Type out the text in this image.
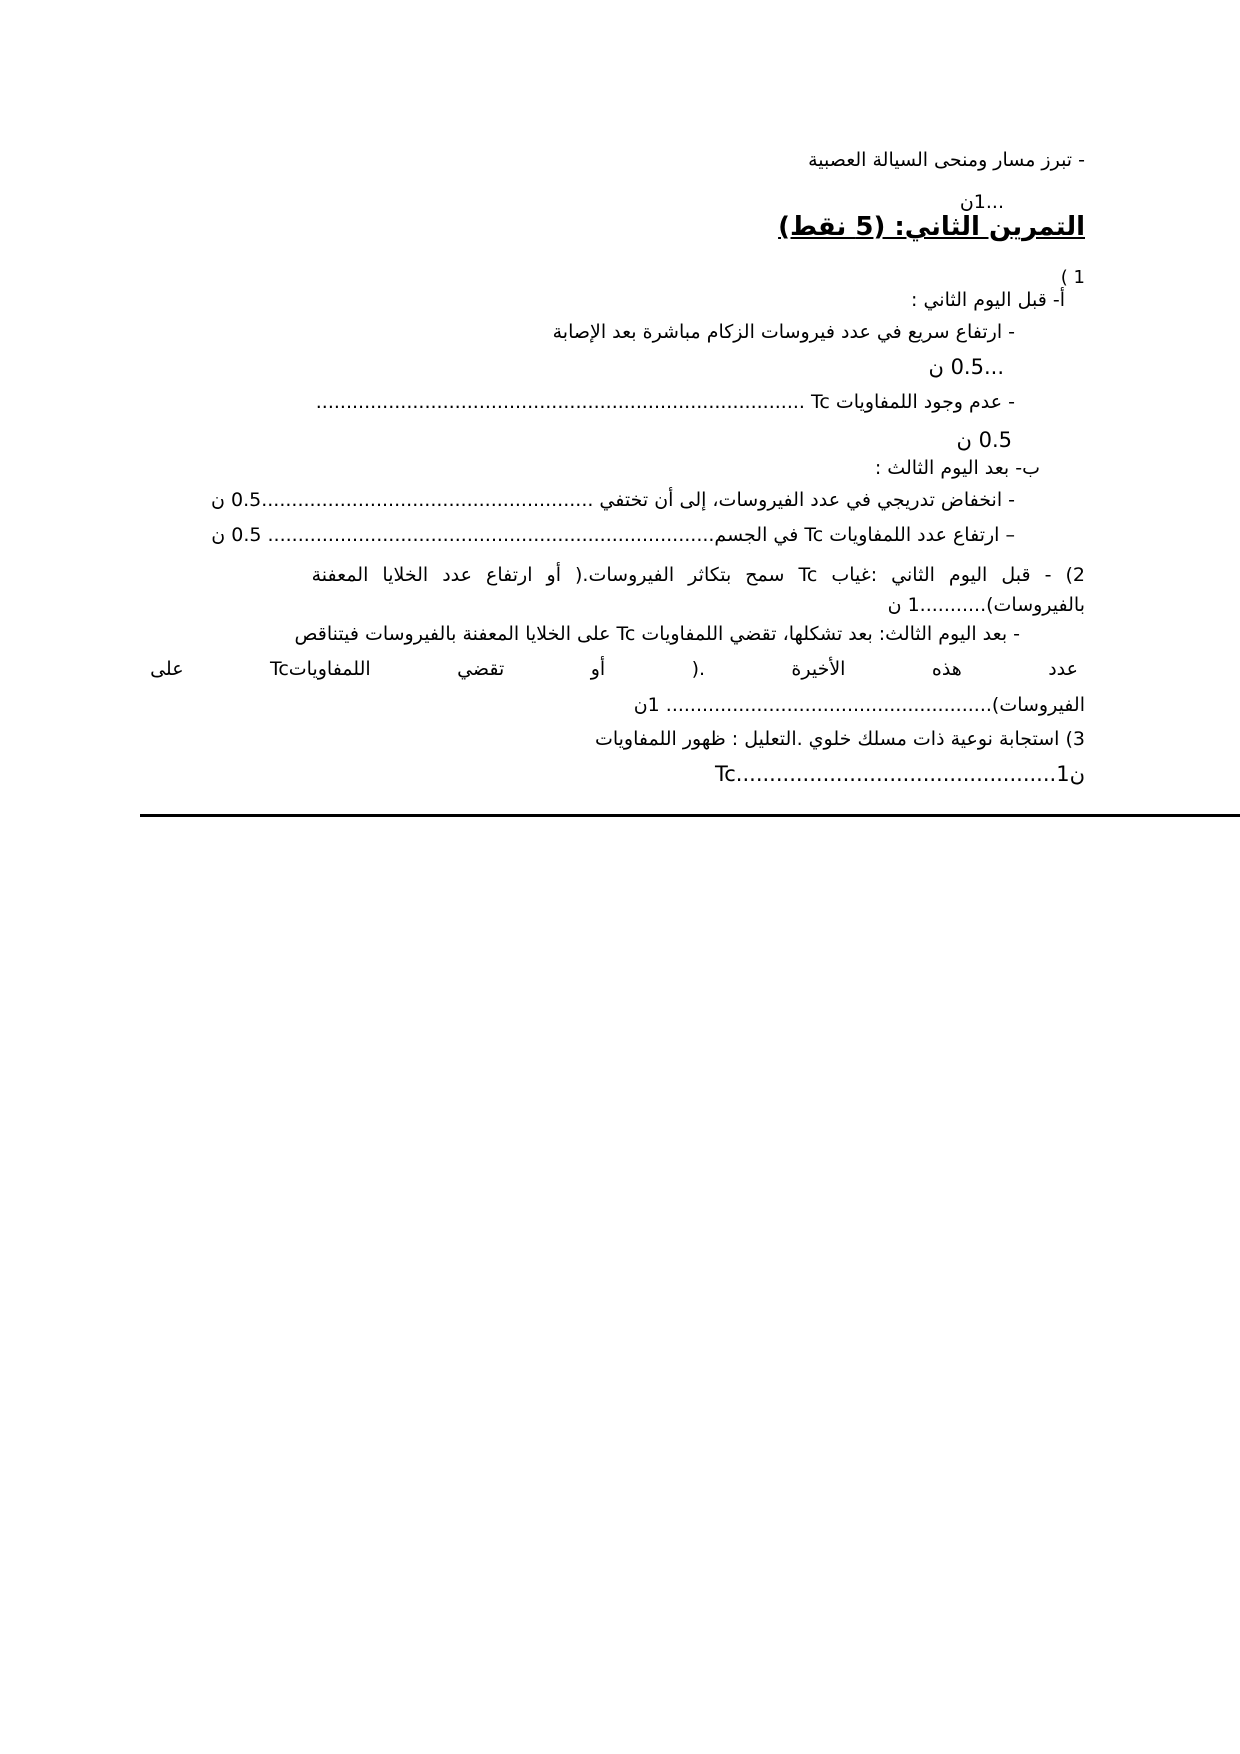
- تبرز مسار ومنحى السيالة العصبية
...1ن
التمرين الثاني: (5 نقط)
1 )
أ- قبل اليوم الثاني :
- ارتفاع سريع في عدد فيروسات الزكام مباشرة بعد الإصابة
...0.5 ن
- عدم وجود اللمفاويات Tc .................................................................................
0.5 ن
ب- بعد اليوم الثالث :
- انخفاض تدريجي في عدد الفيروسات، إلى أن تختفي .......................................................0.5 ن
– ارتفاع عدد اللمفاويات Tc في الجسم.......................................................................... 0.5 ن
2) - قبل اليوم الثاني :غياب Tc سمح بتكاثر الفيروسات.( أو ارتفاع عدد الخلايا المعفنة
بالفيروسات)...........1 ن
- بعد اليوم الثالث: بعد تشكلها، تقضي اللمفاويات Tc على الخلايا المعفنة بالفيروسات فيتناقص
عدد
هذه
الأخيرة
.(
أو
تقضي
اللمفاوياتTc
على
الفيروسات)...................................................... 1ن
3) استجابة نوعية ذات مسلك خلوي .التعليل : ظهور اللمفاويات
Tc................................................1ن
